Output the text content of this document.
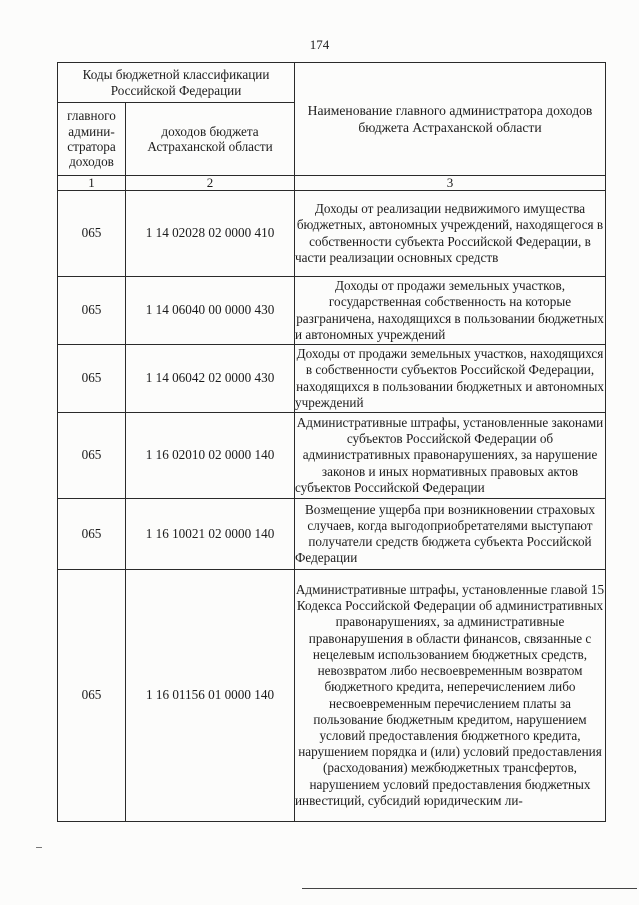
174
Коды бюджетной классификации Российской Федерации		Наименование главного администратора доходов бюджета Астраханской области
главного админи-стратора доходов	доходов бюджета Астраханской области	
1	2	3
065	1 14 02028 02 0000 410	Доходы от реализации недвижимого имущества бюджетных, автономных учреждений, находящегося в собственности субъекта Российской Федерации, в части реализации основных средств
065	1 14 06040 00 0000 430	Доходы от продажи земельных участков, государственная собственность на которые разграничена, находящихся в пользовании бюджетных и автономных учреждений
065	1 14 06042 02 0000 430	Доходы от продажи земельных участков, находящихся в собственности субъектов Российской Федерации, находящихся в пользовании бюджетных и автономных учреждений
065	1 16 02010 02 0000 140	Административные штрафы, установленные законами субъектов Российской Федерации об административных правонарушениях, за нарушение законов и иных нормативных правовых актов субъектов Российской Федерации
065	1 16 10021 02 0000 140	Возмещение ущерба при возникновении страховых случаев, когда выгодоприобретателями выступают получатели средств бюджета субъекта Российской Федерации
065	1 16 01156 01 0000 140	Административные штрафы, установленные главой 15 Кодекса Российской Федерации об административных правонарушениях, за административные правонарушения в области финансов, связанные с нецелевым использованием бюджетных средств, невозвратом либо несвоевременным возвратом бюджетного кредита, неперечислением либо несвоевременным перечислением платы за пользование бюджетным кредитом, нарушением условий предоставления бюджетного кредита, нарушением порядка и (или) условий предоставления (расходования) межбюджетных трансфертов, нарушением условий предоставления бюджетных инвестиций, субсидий юридическим ли-
